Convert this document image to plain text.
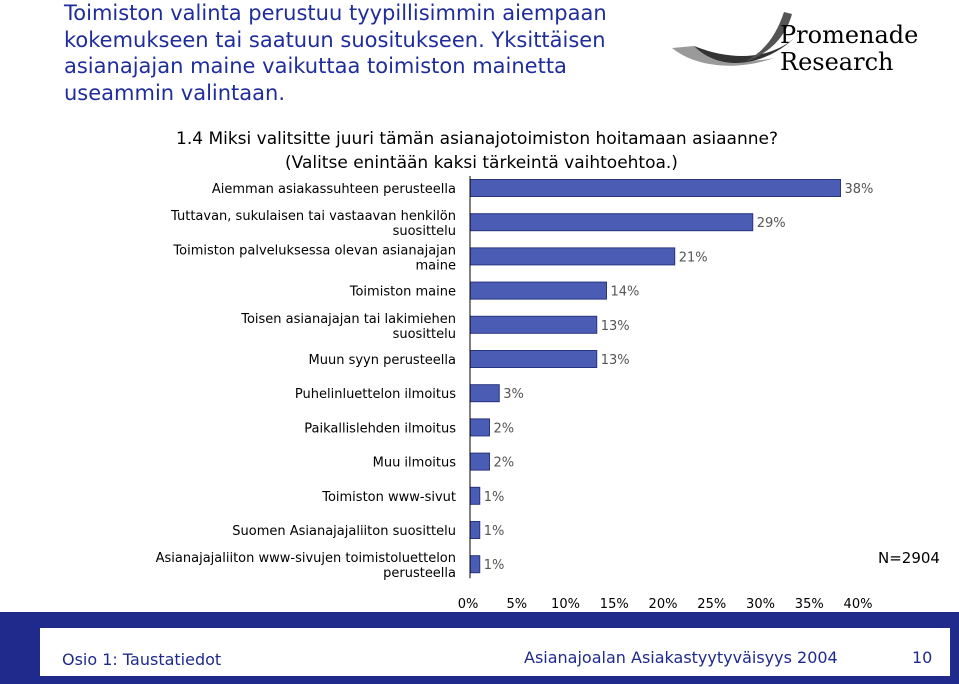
Toimiston valinta perustuu tyypillisimmin aiempaan kokemukseen tai saatuun suositukseen. Yksittäisen asianajajan maine vaikuttaa toimiston mainetta useammin valintaan.
Promenade
Research
1.4 Miksi valitsitte juuri tämän asianajotoimiston hoitamaan asiaanne?
(Valitse enintään kaksi tärkeintä vaihtoehtoa.)
38%
Aiemman asiakassuhteen perusteella
29%
Tuttavan, sukulaisen tai vastaavan henkilön suosittelu
21%
Toimiston palveluksessa olevan asianajajan maine
14%
Toimiston maine
13%
Toisen asianajajan tai lakimiehen suosittelu
13%
Muun syyn perusteella
3%
Puhelinluettelon ilmoitus
2%
Paikallislehden ilmoitus
2%
Muu ilmoitus
1%
Toimiston www-sivut
1%
Suomen Asianajajaliiton suosittelu
1%
Asianajajaliiton www-sivujen toimistoluettelon perusteella
0% 5% 10% 15% 20% 25% 30% 35% 40%
N=2904
Osio 1: Taustatiedot	Asianajoalan Asiakastyytyväisyys 2004	10
